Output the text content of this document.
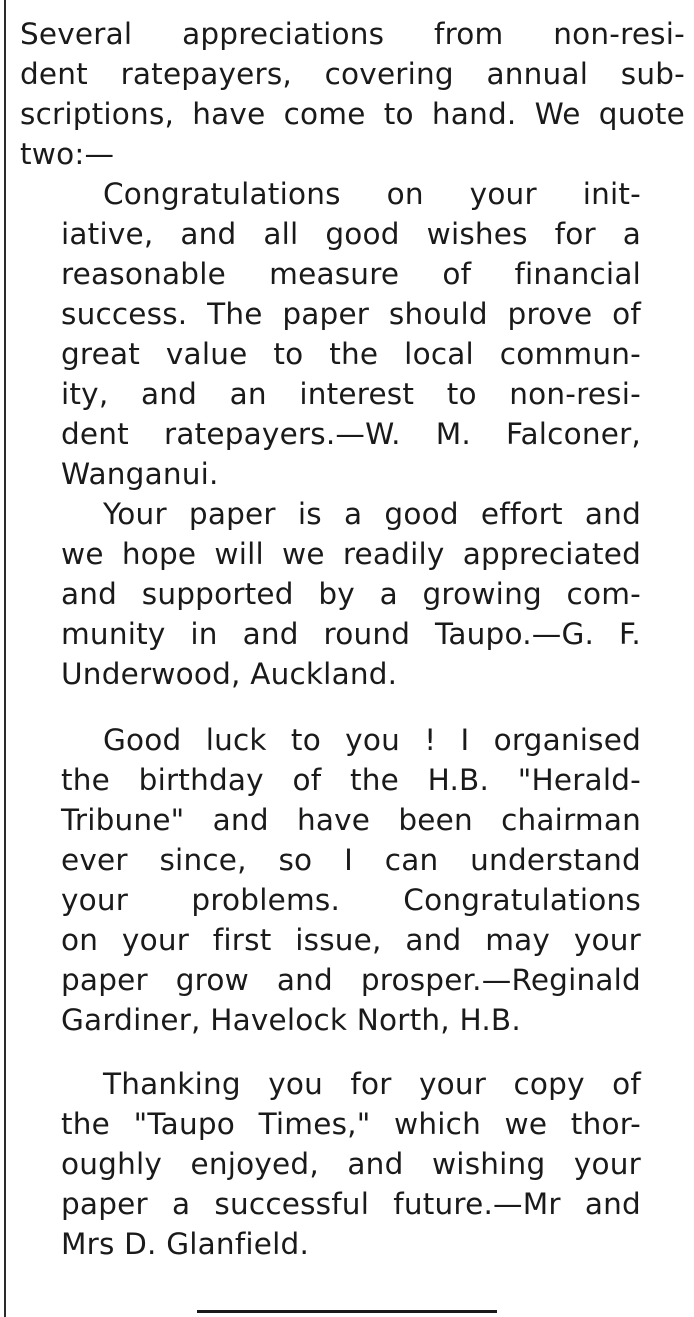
Several appreciations from non-resi-
dent ratepayers, covering annual sub-
scriptions, have come to hand. We quote
two:—
Congratulations on your init-
iative, and all good wishes for a
reasonable measure of financial
success. The paper should prove of
great value to the local commun-
ity, and an interest to non-resi-
dent ratepayers.—W. M. Falconer,
Wanganui.
Your paper is a good effort and
we hope will we readily appreciated
and supported by a growing com-
munity in and round Taupo.—G. F.
Underwood, Auckland.
Good luck to you ! I organised
the birthday of the H.B. "Herald-
Tribune" and have been chairman
ever since, so I can understand
your problems. Congratulations
on your first issue, and may your
paper grow and prosper.—Reginald
Gardiner, Havelock North, H.B.
Thanking you for your copy of
the "Taupo Times," which we thor-
oughly enjoyed, and wishing your
paper a successful future.—Mr and
Mrs D. Glanfield.
